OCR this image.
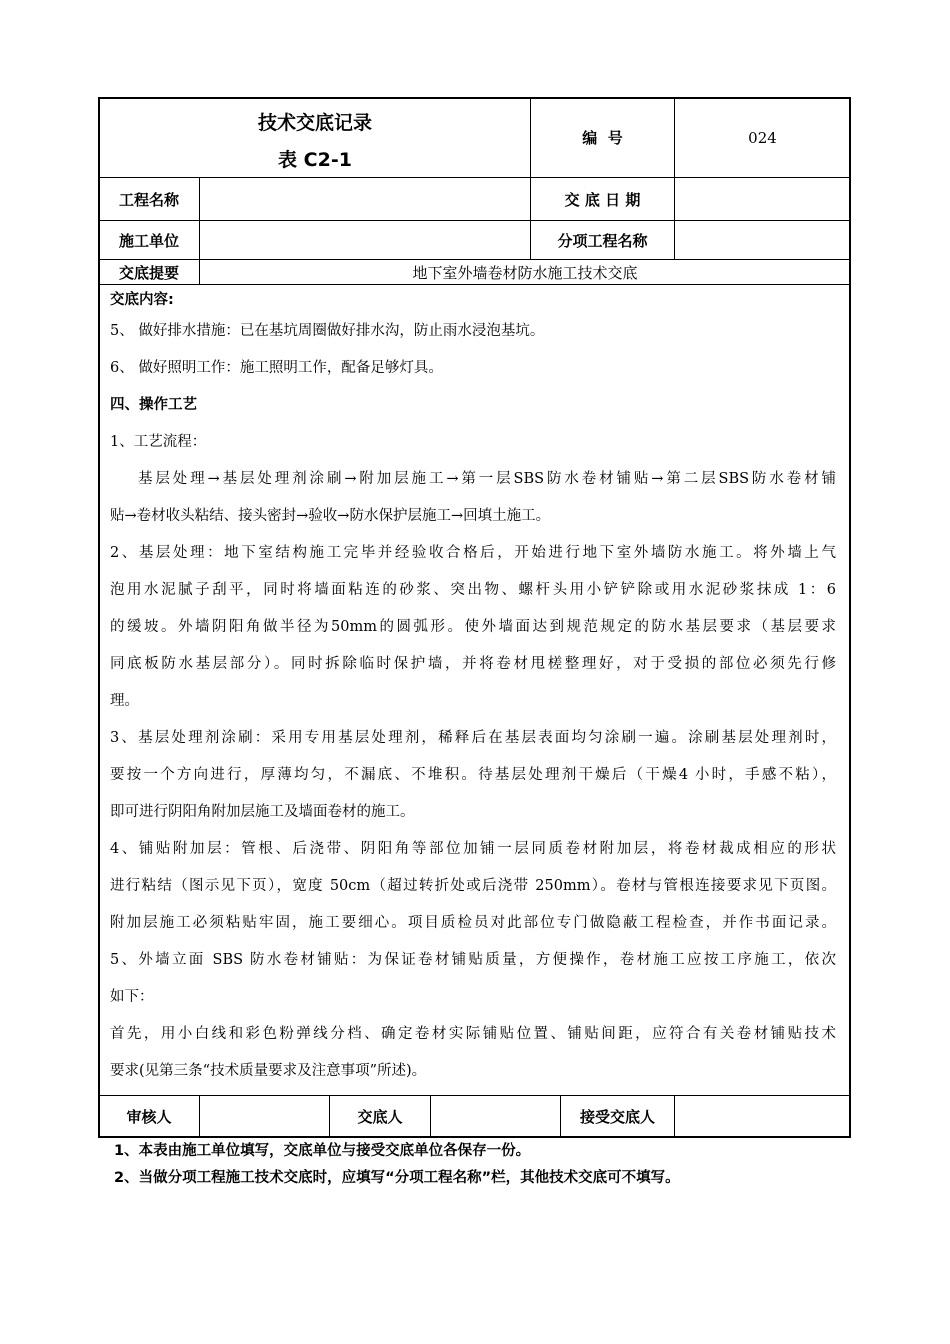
技术交底记录
表 C2-1
编  号	024
工程名称	交 底 日 期
施工单位	分项工程名称
交底提要	地下室外墙卷材防水施工技术交底
交底内容:
5、 做好排水措施：已在基坑周圈做好排水沟，防止雨水浸泡基坑。
6、 做好照明工作：施工照明工作，配备足够灯具。
四、操作工艺
1、工艺流程：
基层处理→基层处理剂涂刷→附加层施工→第一层SBS防水卷材铺贴→第二层SBS防水卷材铺
贴→卷材收头粘结、接头密封→验收→防水保护层施工→回填土施工。
2、基层处理：地下室结构施工完毕并经验收合格后，开始进行地下室外墙防水施工。将外墙上气
泡用水泥腻子刮平，同时将墙面粘连的砂浆、突出物、螺杆头用小铲铲除或用水泥砂浆抹成 1：6
的缓坡。外墙阴阳角做半径为50mm的圆弧形。使外墙面达到规范规定的防水基层要求（基层要求
同底板防水基层部分）。同时拆除临时保护墙，并将卷材甩槎整理好，对于受损的部位必须先行修
理。
3、基层处理剂涂刷：采用专用基层处理剂，稀释后在基层表面均匀涂刷一遍。涂刷基层处理剂时，
要按一个方向进行，厚薄均匀，不漏底、不堆积。待基层处理剂干燥后（干燥4 小时，手感不粘），
即可进行阴阳角附加层施工及墙面卷材的施工。
4、铺贴附加层：管根、后浇带、阴阳角等部位加铺一层同质卷材附加层，将卷材裁成相应的形状
进行粘结（图示见下页），宽度 50cm（超过转折处或后浇带 250mm）。卷材与管根连接要求见下页图。
附加层施工必须粘贴牢固，施工要细心。项目质检员对此部位专门做隐蔽工程检查，并作书面记录。
5、外墙立面 SBS 防水卷材铺贴：为保证卷材铺贴质量，方便操作，卷材施工应按工序施工，依次
如下：
首先，用小白线和彩色粉弹线分档、确定卷材实际铺贴位置、铺贴间距，应符合有关卷材铺贴技术
要求(见第三条“技术质量要求及注意事项”所述)。
审核人	交底人	接受交底人
1、本表由施工单位填写，交底单位与接受交底单位各保存一份。
2、当做分项工程施工技术交底时，应填写“分项工程名称”栏，其他技术交底可不填写。
